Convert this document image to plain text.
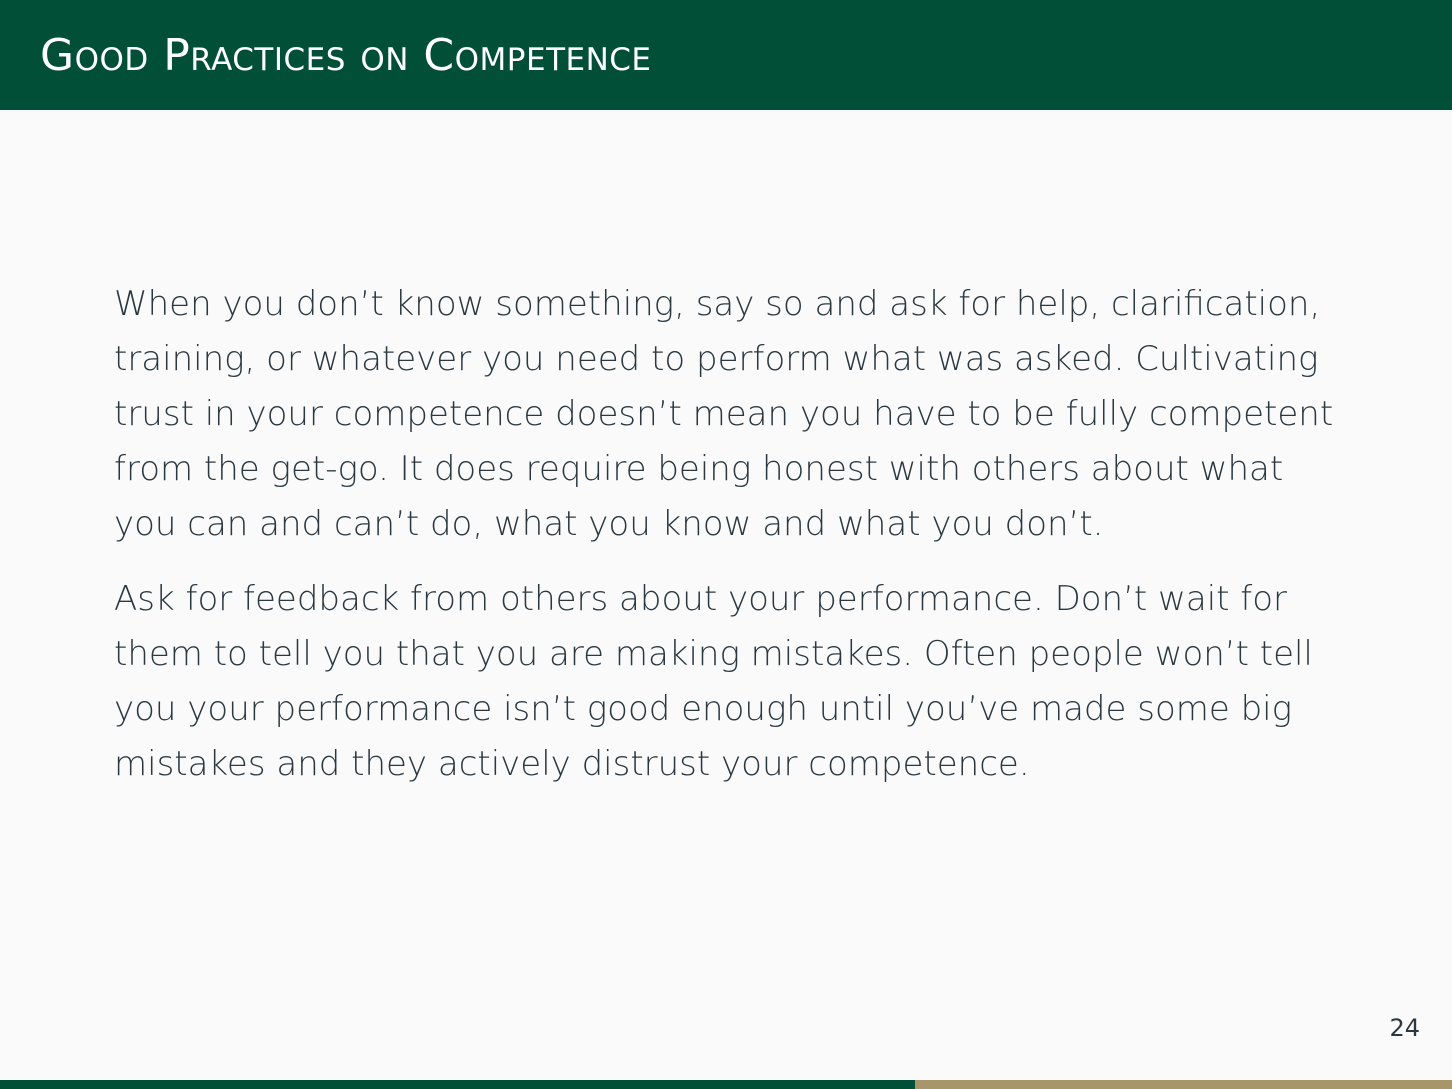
Good Practices on Competence

When you don’t know something, say so and ask for help, clarification, training, or whatever you need to perform what was asked. Cultivating trust in your competence doesn’t mean you have to be fully competent from the get-go. It does require being honest with others about what you can and can’t do, what you know and what you don’t.

Ask for feedback from others about your performance. Don’t wait for them to tell you that you are making mistakes. Often people won’t tell you your performance isn’t good enough until you’ve made some big mistakes and they actively distrust your competence.

24
